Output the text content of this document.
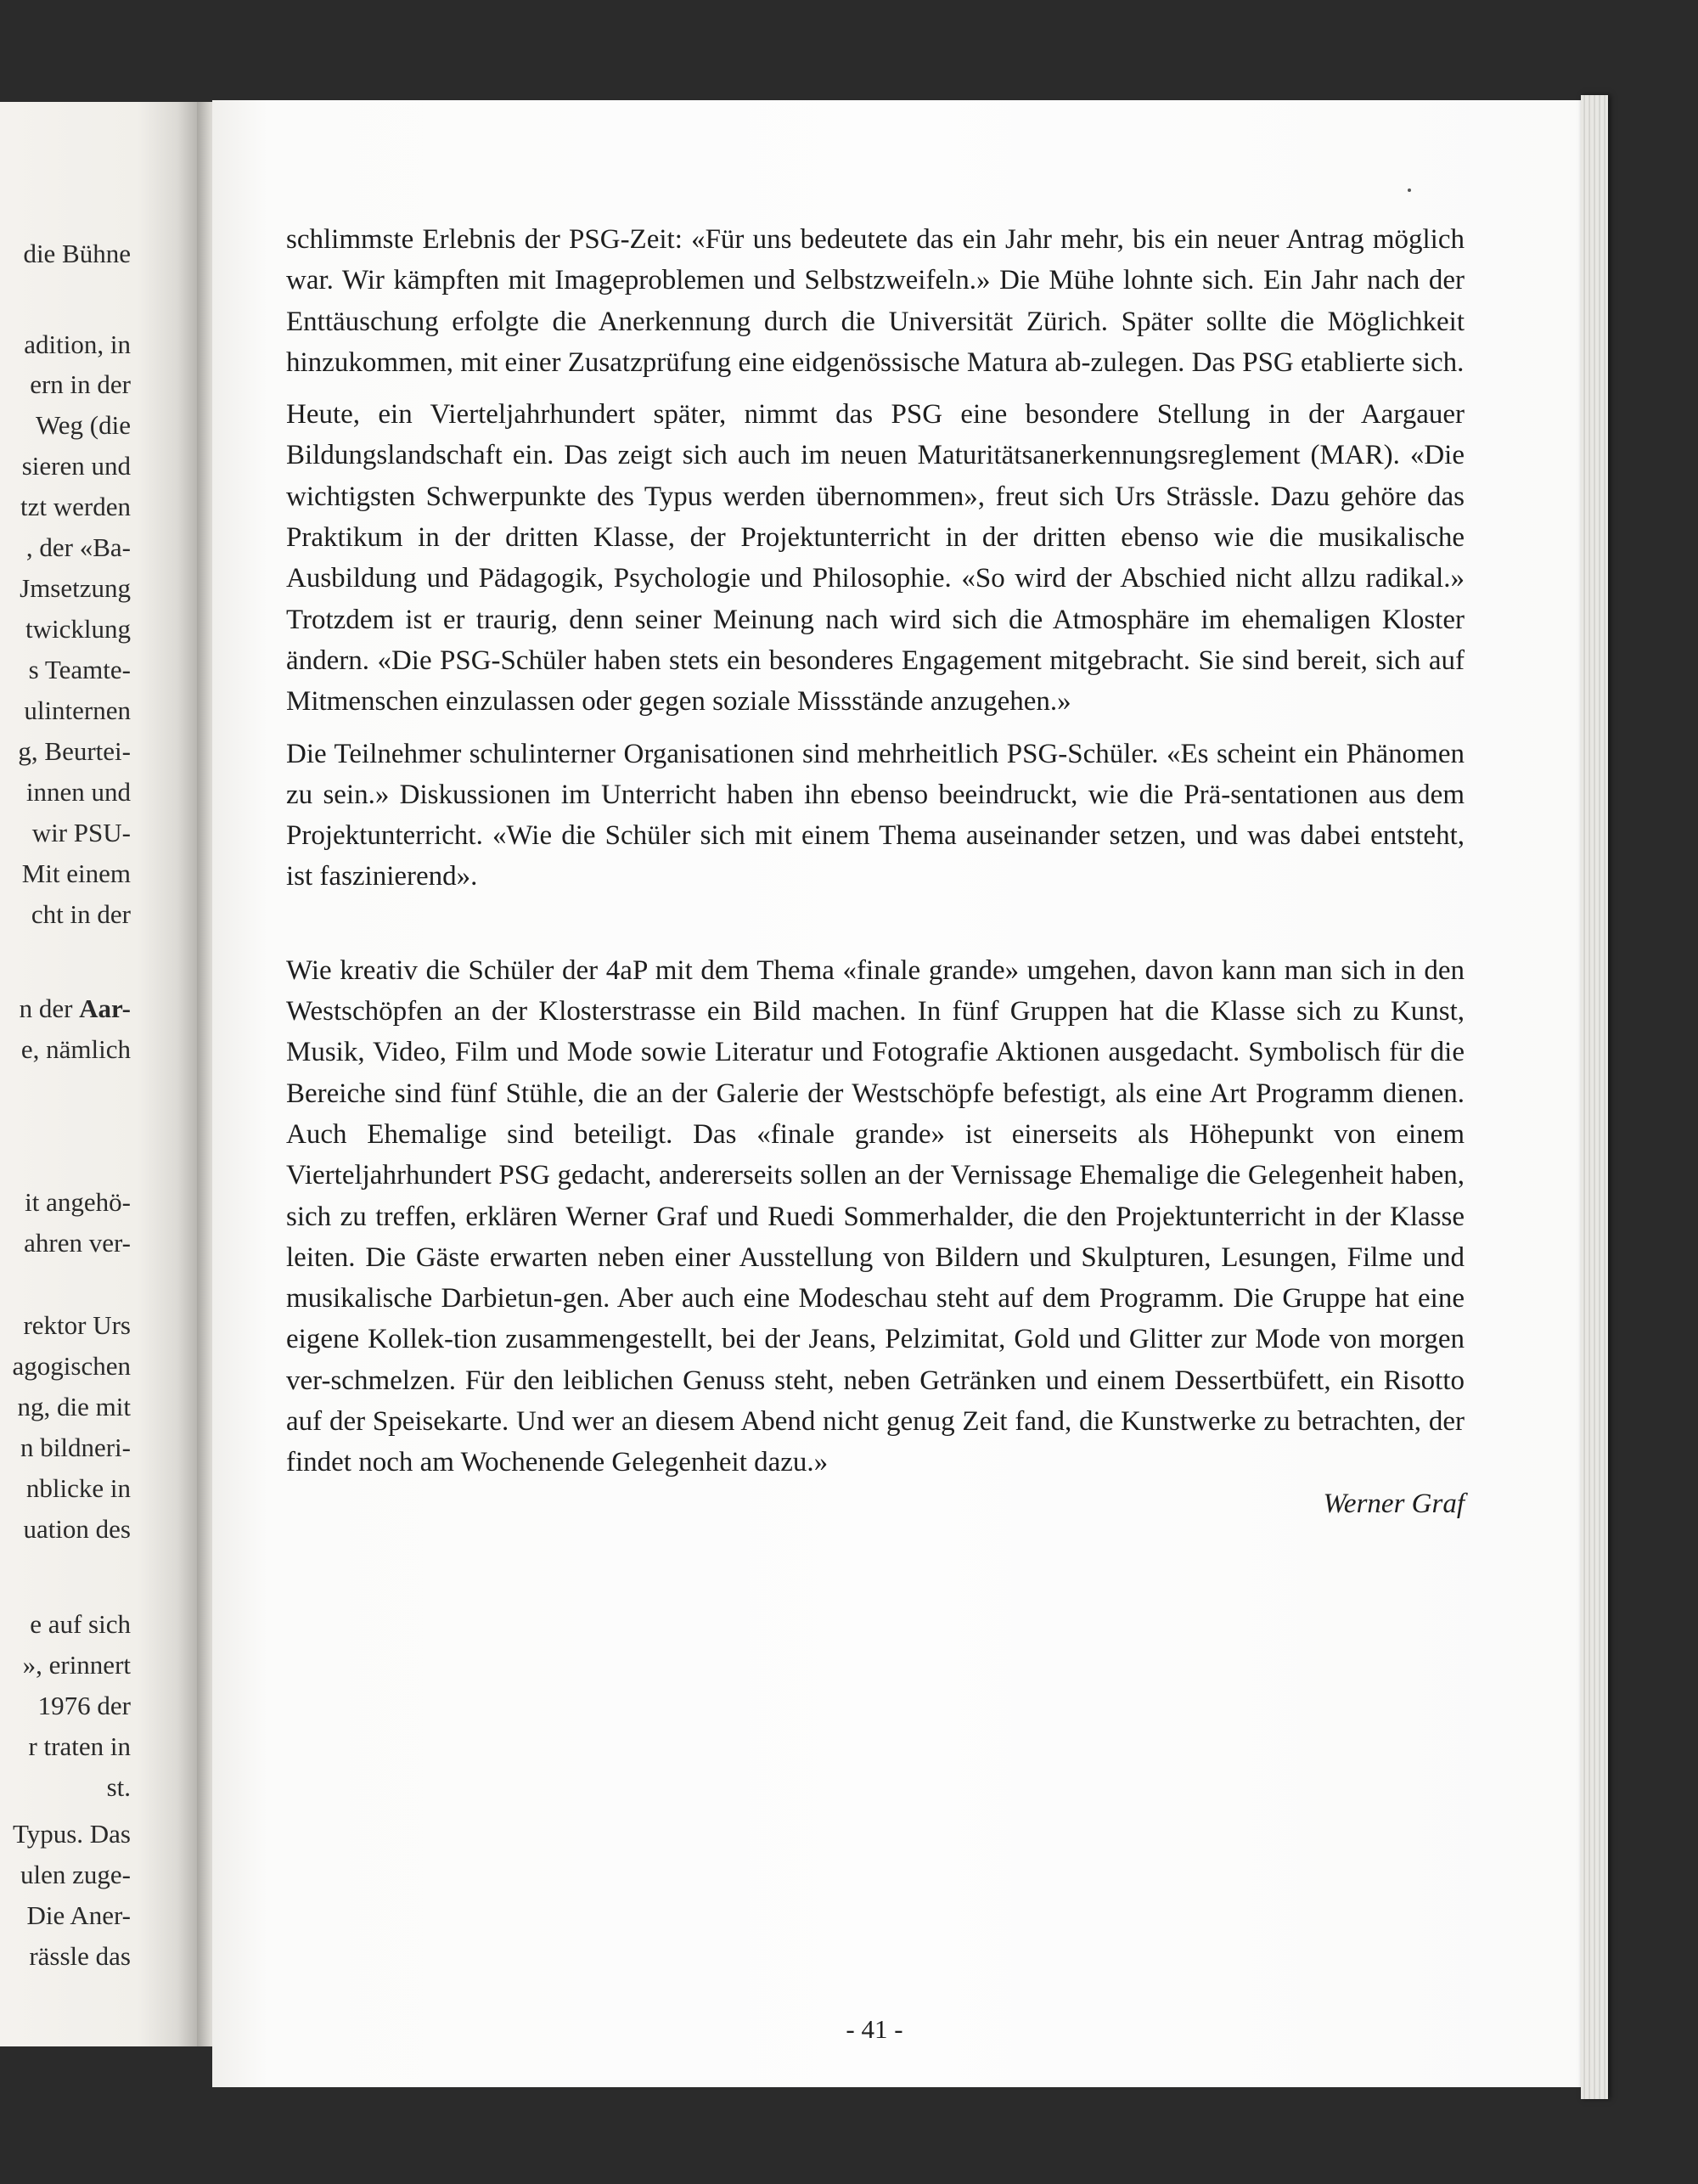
die Bühne
adition, in
ern in der
Weg (die
sieren und
tzt werden
, der «Ba-
Jmsetzung
twicklung
s Teamte-
ulinternen
g, Beurtei-
innen und
wir PSU-
Mit einem
cht in der
n der Aar-
e, nämlich
it angehö-
ahren ver-
rektor Urs
agogischen
ng, die mit
n bildneri-
nblicke in
uation des
e auf sich
», erinnert
1976 der
r traten in
st.
Typus. Das
ulen zuge-
Die Aner-
rässle das

schlimmste Erlebnis der PSG-Zeit: «Für uns bedeutete das ein Jahr mehr, bis ein neuer Antrag möglich war. Wir kämpften mit Imageproblemen und Selbstzweifeln.» Die Mühe lohnte sich. Ein Jahr nach der Enttäuschung erfolgte die Anerkennung durch die Universität Zürich. Später sollte die Möglichkeit hinzukommen, mit einer Zusatzprüfung eine eidgenössische Matura ab-zulegen. Das PSG etablierte sich.

Heute, ein Vierteljahrhundert später, nimmt das PSG eine besondere Stellung in der Aargauer Bildungslandschaft ein. Das zeigt sich auch im neuen Maturitätsanerkennungsreglement (MAR). «Die wichtigsten Schwerpunkte des Typus werden übernommen», freut sich Urs Strässle. Dazu gehöre das Praktikum in der dritten Klasse, der Projektunterricht in der dritten ebenso wie die musikalische Ausbildung und Pädagogik, Psychologie und Philosophie. «So wird der Abschied nicht allzu radikal.» Trotzdem ist er traurig, denn seiner Meinung nach wird sich die Atmosphäre im ehemaligen Kloster ändern. «Die PSG-Schüler haben stets ein besonderes Engagement mitgebracht. Sie sind bereit, sich auf Mitmenschen einzulassen oder gegen soziale Missstände anzugehen.»

Die Teilnehmer schulinterner Organisationen sind mehrheitlich PSG-Schüler. «Es scheint ein Phänomen zu sein.» Diskussionen im Unterricht haben ihn ebenso beeindruckt, wie die Prä-sentationen aus dem Projektunterricht. «Wie die Schüler sich mit einem Thema auseinander setzen, und was dabei entsteht, ist faszinierend».

Wie kreativ die Schüler der 4aP mit dem Thema «finale grande» umgehen, davon kann man sich in den Westschöpfen an der Klosterstrasse ein Bild machen. In fünf Gruppen hat die Klasse sich zu Kunst, Musik, Video, Film und Mode sowie Literatur und Fotografie Aktionen ausgedacht. Symbolisch für die Bereiche sind fünf Stühle, die an der Galerie der Westschöpfe befestigt, als eine Art Programm dienen. Auch Ehemalige sind beteiligt. Das «finale grande» ist einerseits als Höhepunkt von einem Vierteljahrhundert PSG gedacht, andererseits sollen an der Vernissage Ehemalige die Gelegenheit haben, sich zu treffen, erklären Werner Graf und Ruedi Sommerhalder, die den Projektunterricht in der Klasse leiten. Die Gäste erwarten neben einer Ausstellung von Bildern und Skulpturen, Lesungen, Filme und musikalische Darbietun-gen. Aber auch eine Modeschau steht auf dem Programm. Die Gruppe hat eine eigene Kollek-tion zusammengestellt, bei der Jeans, Pelzimitat, Gold und Glitter zur Mode von morgen ver-schmelzen. Für den leiblichen Genuss steht, neben Getränken und einem Dessertbüfett, ein Risotto auf der Speisekarte. Und wer an diesem Abend nicht genug Zeit fand, die Kunstwerke zu betrachten, der findet noch am Wochenende Gelegenheit dazu.»

Werner Graf
- 41 -
